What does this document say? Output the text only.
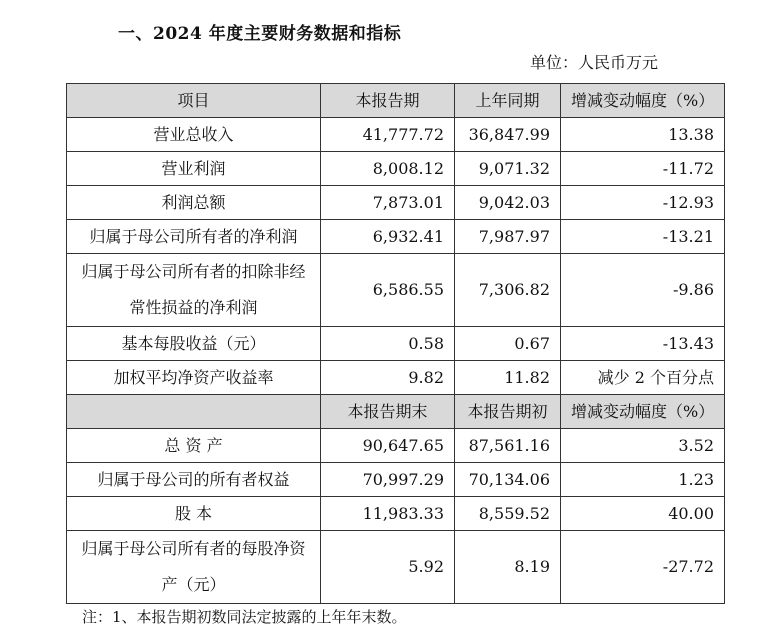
一、2024 年度主要财务数据和指标
单位：人民币万元
项目	本报告期	上年同期	增减变动幅度（%）
营业总收入	41,777.72	36,847.99	13.38
营业利润	8,008.12	9,071.32	-11.72
利润总额	7,873.01	9,042.03	-12.93
归属于母公司所有者的净利润	6,932.41	7,987.97	-13.21
归属于母公司所有者的扣除非经常性损益的净利润	6,586.55	7,306.82	-9.86
基本每股收益（元）	0.58	0.67	-13.43
加权平均净资产收益率	9.82	11.82	减少 2 个百分点
	本报告期末	本报告期初	增减变动幅度（%）
总 资 产	90,647.65	87,561.16	3.52
归属于母公司的所有者权益	70,997.29	70,134.06	1.23
股 本	11,983.33	8,559.52	40.00
归属于母公司所有者的每股净资产（元）	5.92	8.19	-27.72
注：1、本报告期初数同法定披露的上年年末数。
